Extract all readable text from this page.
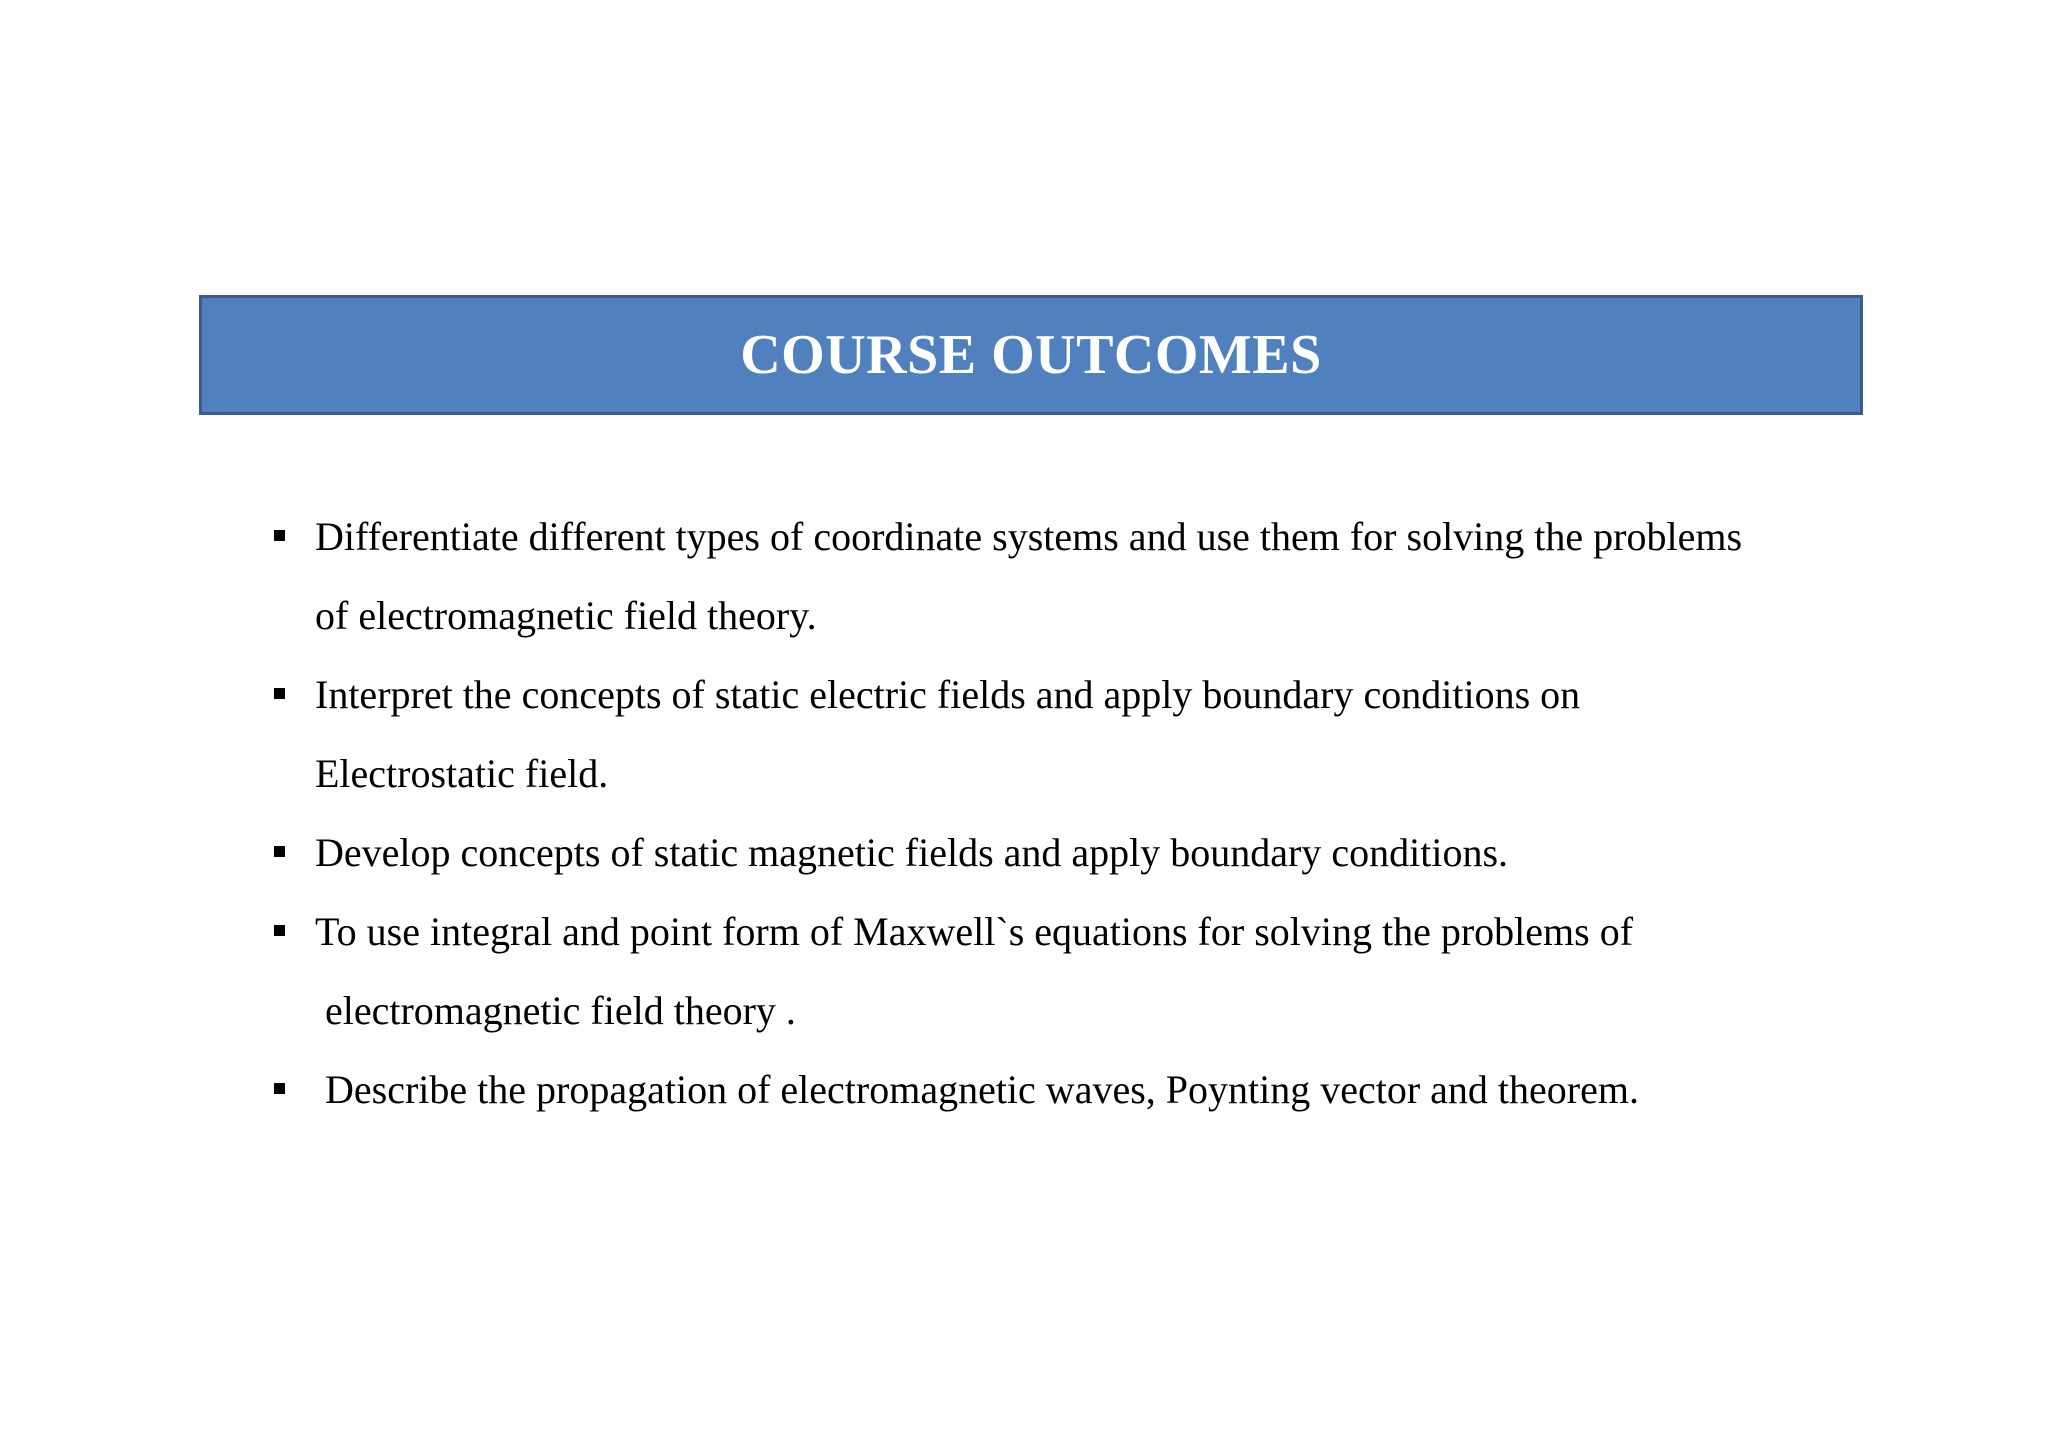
COURSE OUTCOMES
Differentiate different types of coordinate systems and use them for solving the problems
of electromagnetic field theory.
Interpret the concepts of static electric fields and apply boundary conditions on
Electrostatic field.
Develop concepts of static magnetic fields and apply boundary conditions.
To use integral and point form of Maxwell`s equations for solving the problems of
electromagnetic field theory .
Describe the propagation of electromagnetic waves, Poynting vector and theorem.
